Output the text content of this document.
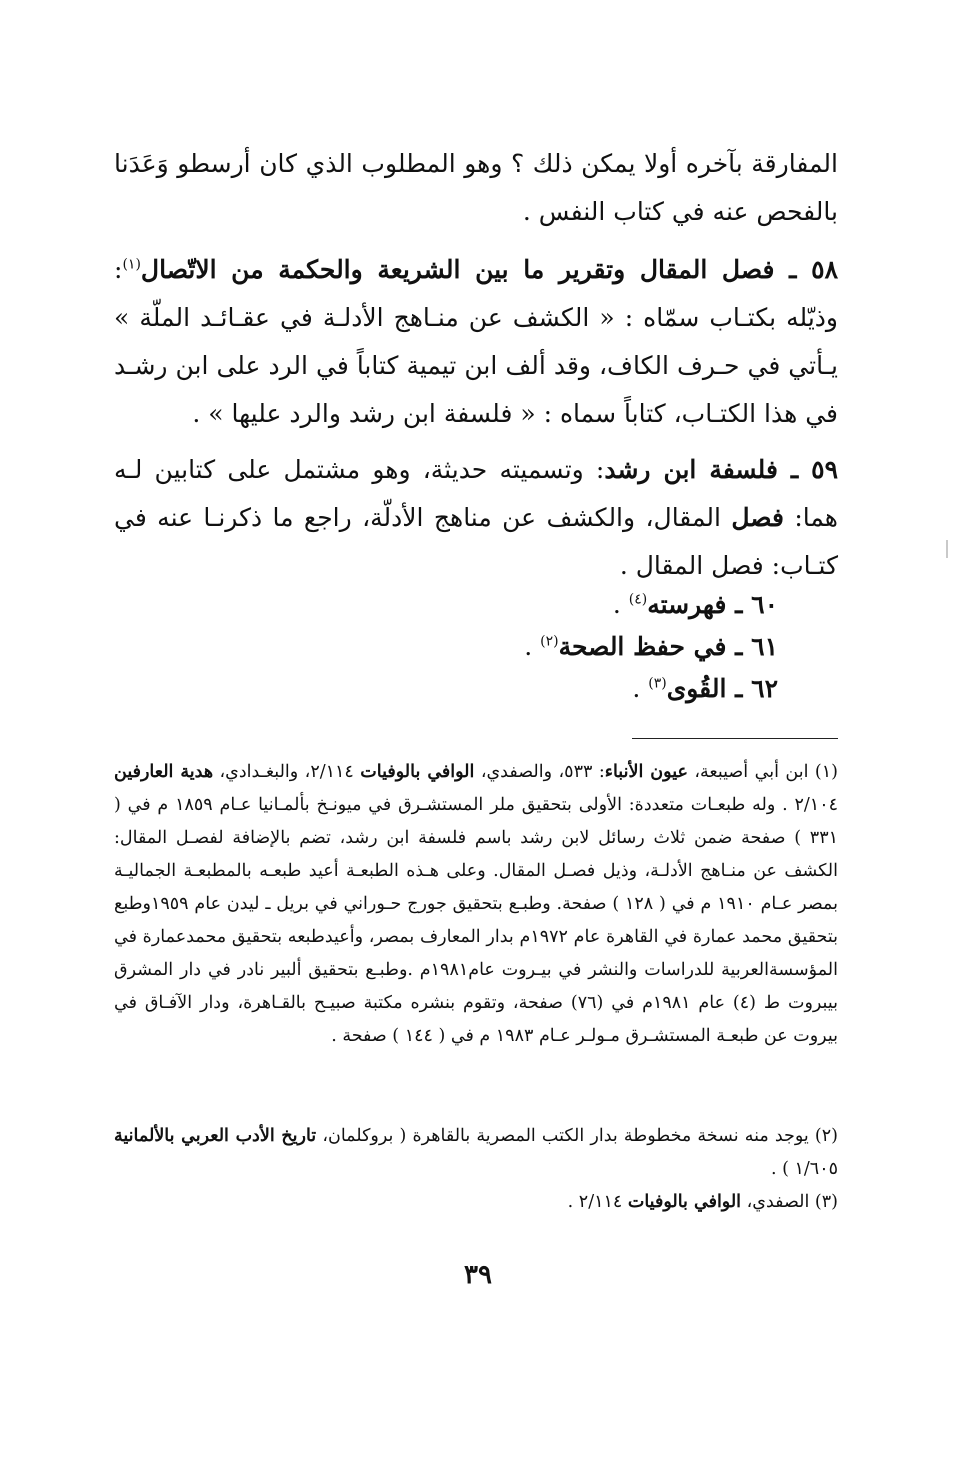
المفارقة بآخره أولا يمكن ذلك ؟ وهو المطلوب الذي كان أرسطو وَعَدَنا بالفحص عنه في كتاب النفس .

٥٨ ـ فصل المقال وتقرير ما بين الشريعة والحكمة من الاتّصال$^{(١)}$: وذيّله بكتـاب سمّاه : « الكشف عن منـاهج الأدلـة في عقـائـد الملّة » يـأتي في حـرف الكاف، وقد ألف ابن تيمية كتاباً في الرد على ابن رشـد في هذا الكتـاب، كتاباً سماه : « فلسفة ابن رشد والرد عليها » .

٥٩ ـ فلسفة ابن رشد: وتسميته حديثة، وهو مشتمل على كتابين لـه هما: فصل المقال، والكشف عن مناهج الأدلّة، راجع ما ذكرنـا عنه في كتـاب: فصل المقال .

٦٠ ـ فهرسته$^{(٤)}$ .

٦١ ـ في حفظ الصحة$^{(٢)}$ .

٦٢ ـ القُوى$^{(٣)}$ .

(١) ابن أبي أصيبعة، عيون الأنباء: ٥٣٣، والصفدي، الوافي بالوفيات ٢/١١٤، والبغـدادي، هدية العارفين ٢/١٠٤ . وله طبعـات متعددة: الأولى بتحقيق ملر المستشـرق في ميونـخ بألمـانيا عـام ١٨٥٩ م في ( ٣٣١ ) صفحة ضمن ثلاث رسائل لابن رشد باسم فلسفة ابن رشد، تضم بالإضافة لفصـل المقال: الكشف عن منـاهج الأدلـة، وذيل فصـل المقال. وعلى هـذه الطبعـة أعيد طبعـه بالمطبعـة الجماليـة بمصر عـام ١٩١٠ م في ( ١٢٨ ) صفحة. وطبـع بتحقيق جورج حـوراني في بريل ـ ليدن عام ١٩٥٩وطبع بتحقيق محمد عمارة في القاهرة عام ١٩٧٢م بدار المعارف بمصر، وأعيدطبعه بتحقيق محمدعمارة في المؤسسةالعربية للدراسات والنشر في بيـروت عام١٩٨١م .وطبـع بتحقيق ألبير نادر في دار المشرق بيبروت ط (٤) عام ١٩٨١م في (٧٦) صفحة، وتقوم بنشره مكتبة صبيـح بالقـاهرة، ودار الآفـاق في بيروت عن طبعـة المستشـرق مـولـر عـام ١٩٨٣ م في ( ١٤٤ ) صفحة .

(٢) يوجد منه نسخة مخطوطة بدار الكتب المصرية بالقاهرة ( بروكلمان، تاريخ الأدب العربي بالألمانية ١/٦٠٥ ) .

(٣) الصفدي، الوافي بالوفيات ٢/١١٤ .

٣٩
